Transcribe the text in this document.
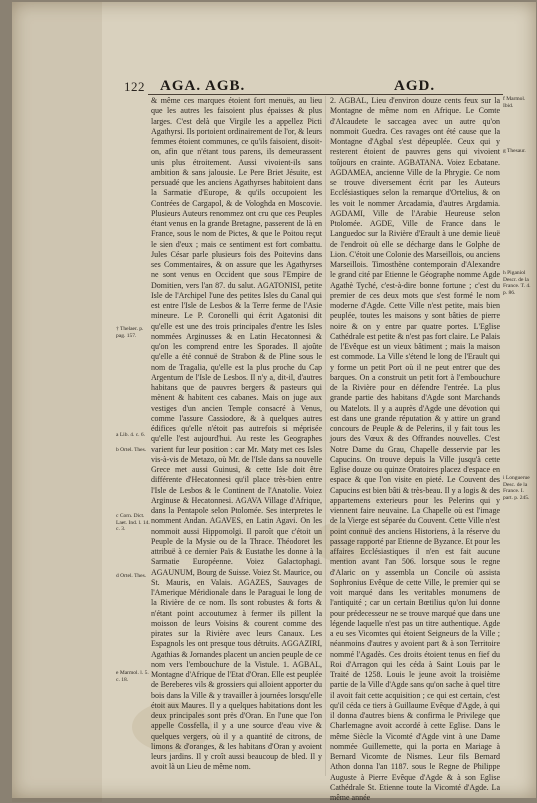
122 AGA. AGB.	AGD.

& même ces marques étoient fort menuës, au lieu que les autres les faisoient plus épaisses & plus larges. C'est delà que Virgile les a appellez Picti Agathyrsi. Ils portoient ordinairement de l'or, & leurs femmes étoient communes, ce qu'ils faisoient, disoit-on, afin que n'étant tous parens, ils demeurassent unis plus étroitement. Aussi vivoient-ils sans ambition & sans jalousie. Le Pere Briet Jésuite, est persuadé que les anciens Agathyrses habitoient dans la Sarmatie d'Europe, & qu'ils occupoient les Contrées de Cargapol, & de Vologhda en Moscovie. Plusieurs Auteurs renommez ont cru que ces Peuples étant venus en la grande Bretagne, passerent de là en France, sous le nom de Pictes, & que le Poitou reçut le sien d'eux ; mais ce sentiment est fort combattu. Jules César parle plusieurs fois des Poitevins dans ses Commentaires, & on assure que les Agathyrses ne sont venus en Occident que sous l'Empire de Domitien, vers l'an 87. du salut. AGATONISI, petite Isle de l'Archipel l'une des petites Isles du Canal qui est entre l'Isle de Lesbos & la Terre ferme de l'Asie mineure. Le P. Coronelli qui écrit Agatonisi dit qu'elle est une des trois principales d'entre les Isles nommées Arginusses & en Latin Hecatonnesi & qu'on les comprend entre les Sporades. Il ajoûte qu'elle a été connuë de Strabon & de Pline sous le nom de Tragalia, qu'elle est la plus proche du Cap Argentum de l'Isle de Lesbos. Il n'y a, dit-il, d'autres habitans que de pauvres bergers & pasteurs qui mènent & habitent ces cabanes. Mais on juge aux vestiges d'un ancien Temple consacré à Venus, comme l'assure Cassiodore, & à quelques autres édifices qu'elle n'étoit pas autrefois si méprisée qu'elle l'est aujourd'hui. Au reste les Geographes varient fur leur position : car Mr. Maty met ces Isles vis-à-vis de Metazo, où Mr. de l'Isle dans sa nouvelle Grece met aussi Guinusi, & cette Isle doit être différente d'Hecatonnesi qu'il place très-bien entre l'Isle de Lesbos & le Continent de l'Anatolie. Voiez Arginuse & Hecatonnesi. AGAVA Village d'Afrique, dans la Pentapole selon Ptolomée. Ses interpretes le nomment Andan. AGAVES, en Latin Agavi. On les nommoit aussi Hippomolgi. Il paroît que c'étoit un Peuple de la Mysie ou de la Thrace. Théodoret les attribuë à ce dernier Païs & Eustathe les donne à la Sarmatie Européenne. Voiez Galactophagi. AGAUNUM, Bourg de Suisse. Voiez St. Maurice, ou St. Mauris, en Valais. AGAZES, Sauvages de l'Amerique Méridionale dans le Paraguai le long de la Rivière de ce nom. Ils sont robustes & forts & n'étant point accoutumez à fermer ils pillent la moisson de leurs Voisins & courent comme des pirates sur la Rivière avec leurs Canaux. Les Espagnols les ont presque tous détruits. AGGAZIRI, Agathias & Jornandes placent un ancien peuple de ce nom vers l'embouchure de la Vistule. 1. AGBAL, Montagne d'Afrique de l'Etat d'Oran. Elle est peuplée de Bereberes vils & grossiers qui alloient apporter du bois dans la Ville & y travailler à journées lorsqu'elle étoit aux Maures. Il y a quelques habitations dont les deux principales sont près d'Oran. En l'une que l'on appelle Cossfella, il y a une source d'eau vive & quelques vergers, où il y a quantité de citrons, de limons & d'oranges, & les habitans d'Oran y avoient leurs jardins. Il y croît aussi beaucoup de bled. Il y avoit là un Lieu de même nom.

2. AGBAL, Lieu d'environ douze cents feux sur la Montagne de même nom en Afrique. Le Comte d'Alcaudete le saccagea avec un autre qu'on nommoit Guedra. Ces ravages ont été cause que la Montagne d'Agbal s'est dépeuplée. Ceux qui y resterent étoient de pauvres gens qui vivoient toûjours en crainte. AGBATANA. Voiez Ecbatane. AGDAMEA, ancienne Ville de la Phrygie. Ce nom se trouve diversement écrit par les Auteurs Ecclésiastiques selon la remarque d'Ortelius, & on les voit le nommer Arcadamia, d'autres Argdamia. AGDAMI, Ville de l'Arabie Heureuse selon Ptolomée. AGDE, Ville de France dans le Languedoc sur la Rivière d'Erault à une demie lieuë de l'endroit où elle se décharge dans le Golphe de Lion. C'étoit une Colonie des Marseillois, ou anciens Marseillois. Timosthène contemporain d'Alexandre le grand cité par Etienne le Géographe nomme Agde Agathè Tyché, c'est-à-dire bonne fortune ; c'est du premier de ces deux mots que s'est formé le nom moderne d'Agde. Cette Ville n'est petite, mais bien peuplée, toutes les maisons y sont bâties de pierre noire & on y entre par quatre portes. L'Eglise Cathédrale est petite & n'est pas fort claire. Le Palais de l'Evêque est un vieux bâtiment ; mais la maison est commode. La Ville s'étend le long de l'Erault qui y forme un petit Port où il ne peut entrer que des barques. On a construit un petit fort à l'embouchure de la Rivière pour en défendre l'entrée. La plus grande partie des habitans d'Agde sont Marchands ou Matelots. Il y a auprès d'Agde une dévotion qui est dans une grande réputation & y attire un grand concours de Peuple & de Pelerins, il y fait tous les jours des Vœux & des Offrandes nouvelles. C'est Notre Dame du Grau, Chapelle desservie par les Capucins. On trouve depuis la Ville jusqu'à cette Eglise douze ou quinze Oratoires placez d'espace en espace & que l'on visite en pieté. Le Couvent des Capucins est bien bâti & très-beau. Il y a logis & des appartemens exterieurs pour les Pelerins qui y viennent faire neuvaine. La Chapelle où est l'image de la Vierge est séparée du Couvent. Cette Ville n'est point connuë des anciens Historiens, à la réserve du passage rapporté par Etienne de Byzance. Et pour les affaires Ecclésiastiques il n'en est fait aucune mention avant l'an 506. lorsque sous le regne d'Alaric on y assembla un Concile où assista Sophronius Evêque de cette Ville, le premier qui se voit marqué dans les veritables monumens de l'antiquité ; car un certain Bœtilius qu'on lui donne pour prédecesseur ne se trouve marqué que dans une légende laquelle n'est pas un titre authentique. Agde a eu ses Vicomtes qui étoient Seigneurs de la Ville ; néanmoins d'autres y avoient part & à son Territoire nommé l'Agadès. Ces droits étoient tenus en fief du Roi d'Arragon qui les céda à Saint Louis par le Traité de 1258. Louis le jeune avoit la troisième partie de la Ville d'Agde sans qu'on sache à quel titre il avoit fait cette acquisition ; ce qui est certain, c'est qu'il céda ce tiers à Guillaume Evêque d'Agde, à qui il donna d'autres biens & confirma le Privilege que Charlemagne avoit accordé à cette Eglise. Dans le même Siècle la Vicomté d'Agde vint à une Dame nommée Guillemette, qui la porta en Mariage à Bernard Vicomte de Nismes. Leur fils Bernard Athon donna l'an 1187. sous le Regne de Philippe Auguste à Pierre Evêque d'Agde & à son Eglise Cathédrale St. Etienne toute la Vicomté d'Agde. La même année

† Thelaer. p. pag. 157.
a Lib. 4. c. 6.
b Ortel. Thes.
c Corn. Dict. Laet. Ind. l. 14. c. 3.
d Ortel. Thes.
e Marmol. l. 5. c. 18.
f Marmol. Ibid.
g Thesaur.
h Piganiol Descr. de la France. T. 4. p. 86.
i Longuerue Desc. de la France. I. part. p. 245.
